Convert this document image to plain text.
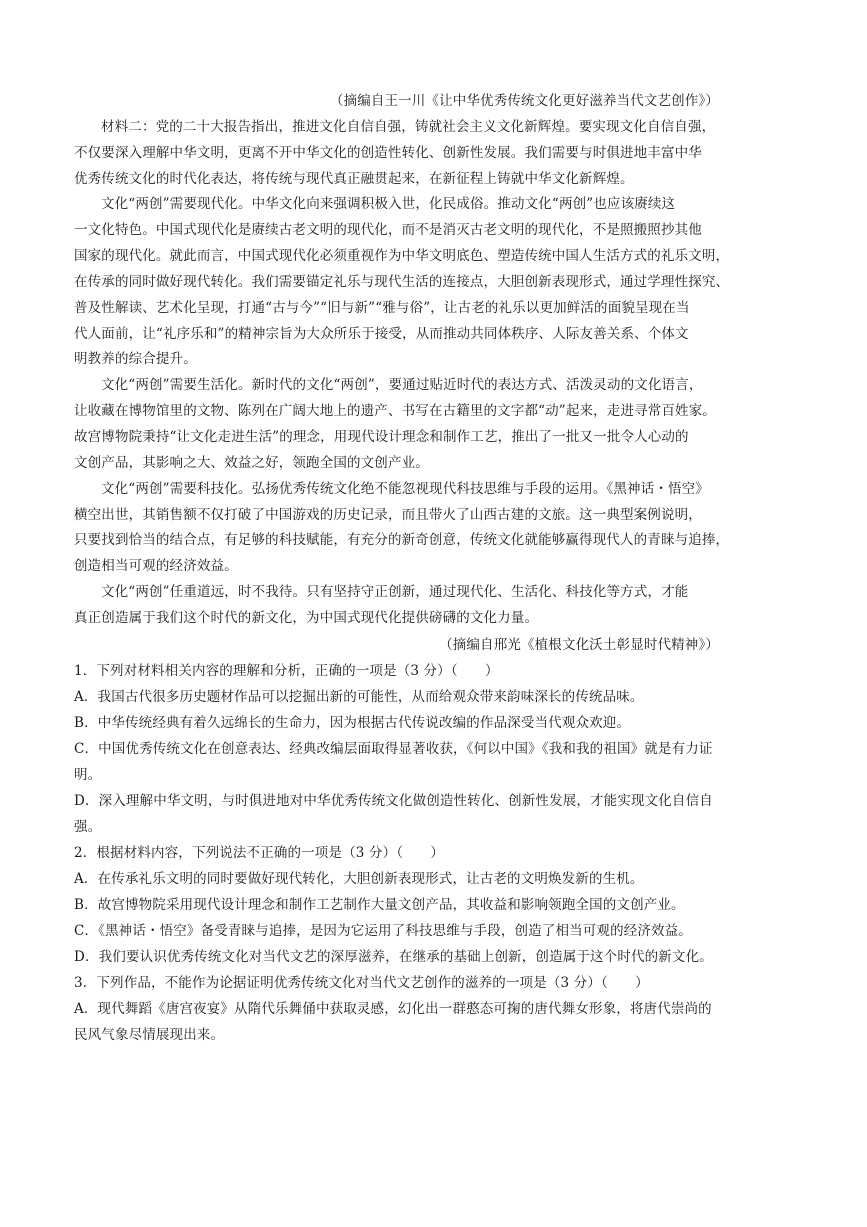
（摘编自王一川《让中华优秀传统文化更好滋养当代文艺创作》）
材料二：党的二十大报告指出，推进文化自信自强，铸就社会主义文化新辉煌。要实现文化自信自强，
不仅要深入理解中华文明，更离不开中华文化的创造性转化、创新性发展。我们需要与时俱进地丰富中华
优秀传统文化的时代化表达，将传统与现代真正融贯起来，在新征程上铸就中华文化新辉煌。
文化“两创”需要现代化。中华文化向来强调积极入世，化民成俗。推动文化“两创”也应该赓续这
一文化特色。中国式现代化是赓续古老文明的现代化，而不是消灭古老文明的现代化，不是照搬照抄其他
国家的现代化。就此而言，中国式现代化必须重视作为中华文明底色、塑造传统中国人生活方式的礼乐文明，
在传承的同时做好现代转化。我们需要锚定礼乐与现代生活的连接点，大胆创新表现形式，通过学理性探究、
普及性解读、艺术化呈现，打通“古与今”“旧与新”“雅与俗”，让古老的礼乐以更加鲜活的面貌呈现在当
代人面前，让“礼序乐和”的精神宗旨为大众所乐于接受，从而推动共同体秩序、人际友善关系、个体文
明教养的综合提升。
文化“两创”需要生活化。新时代的文化“两创”，要通过贴近时代的表达方式、活泼灵动的文化语言，
让收藏在博物馆里的文物、陈列在广阔大地上的遗产、书写在古籍里的文字都“动”起来，走进寻常百姓家。
故宫博物院秉持“让文化走进生活”的理念，用现代设计理念和制作工艺，推出了一批又一批令人心动的
文创产品，其影响之大、效益之好，领跑全国的文创产业。
文化“两创”需要科技化。弘扬优秀传统文化绝不能忽视现代科技思维与手段的运用。《黑神话・悟空》
横空出世，其销售额不仅打破了中国游戏的历史记录，而且带火了山西古建的文旅。这一典型案例说明，
只要找到恰当的结合点，有足够的科技赋能，有充分的新奇创意，传统文化就能够赢得现代人的青睐与追捧，
创造相当可观的经济效益。
文化“两创”任重道远，时不我待。只有坚持守正创新，通过现代化、生活化、科技化等方式，才能
真正创造属于我们这个时代的新文化，为中国式现代化提供磅礴的文化力量。
（摘编自邢光《植根文化沃土彰显时代精神》）
1．下列对材料相关内容的理解和分析，正确的一项是（3 分）（　　）
A．我国古代很多历史题材作品可以挖掘出新的可能性，从而给观众带来韵味深长的传统品味。
B．中华传统经典有着久远绵长的生命力，因为根据古代传说改编的作品深受当代观众欢迎。
C．中国优秀传统文化在创意表达、经典改编层面取得显著收获，《何以中国》《我和我的祖国》就是有力证
明。
D．深入理解中华文明，与时俱进地对中华优秀传统文化做创造性转化、创新性发展，才能实现文化自信自
强。
2．根据材料内容，下列说法不正确的一项是（3 分）（　　）
A．在传承礼乐文明的同时要做好现代转化，大胆创新表现形式，让古老的文明焕发新的生机。
B．故宫博物院采用现代设计理念和制作工艺制作大量文创产品，其收益和影响领跑全国的文创产业。
C．《黑神话・悟空》备受青睐与追捧，是因为它运用了科技思维与手段，创造了相当可观的经济效益。
D．我们要认识优秀传统文化对当代文艺的深厚滋养，在继承的基础上创新，创造属于这个时代的新文化。
3．下列作品，不能作为论据证明优秀传统文化对当代文艺创作的滋养的一项是（3 分）（　　）
A．现代舞蹈《唐宫夜宴》从隋代乐舞俑中获取灵感，幻化出一群憨态可掬的唐代舞女形象，将唐代崇尚的
民风气象尽情展现出来。
